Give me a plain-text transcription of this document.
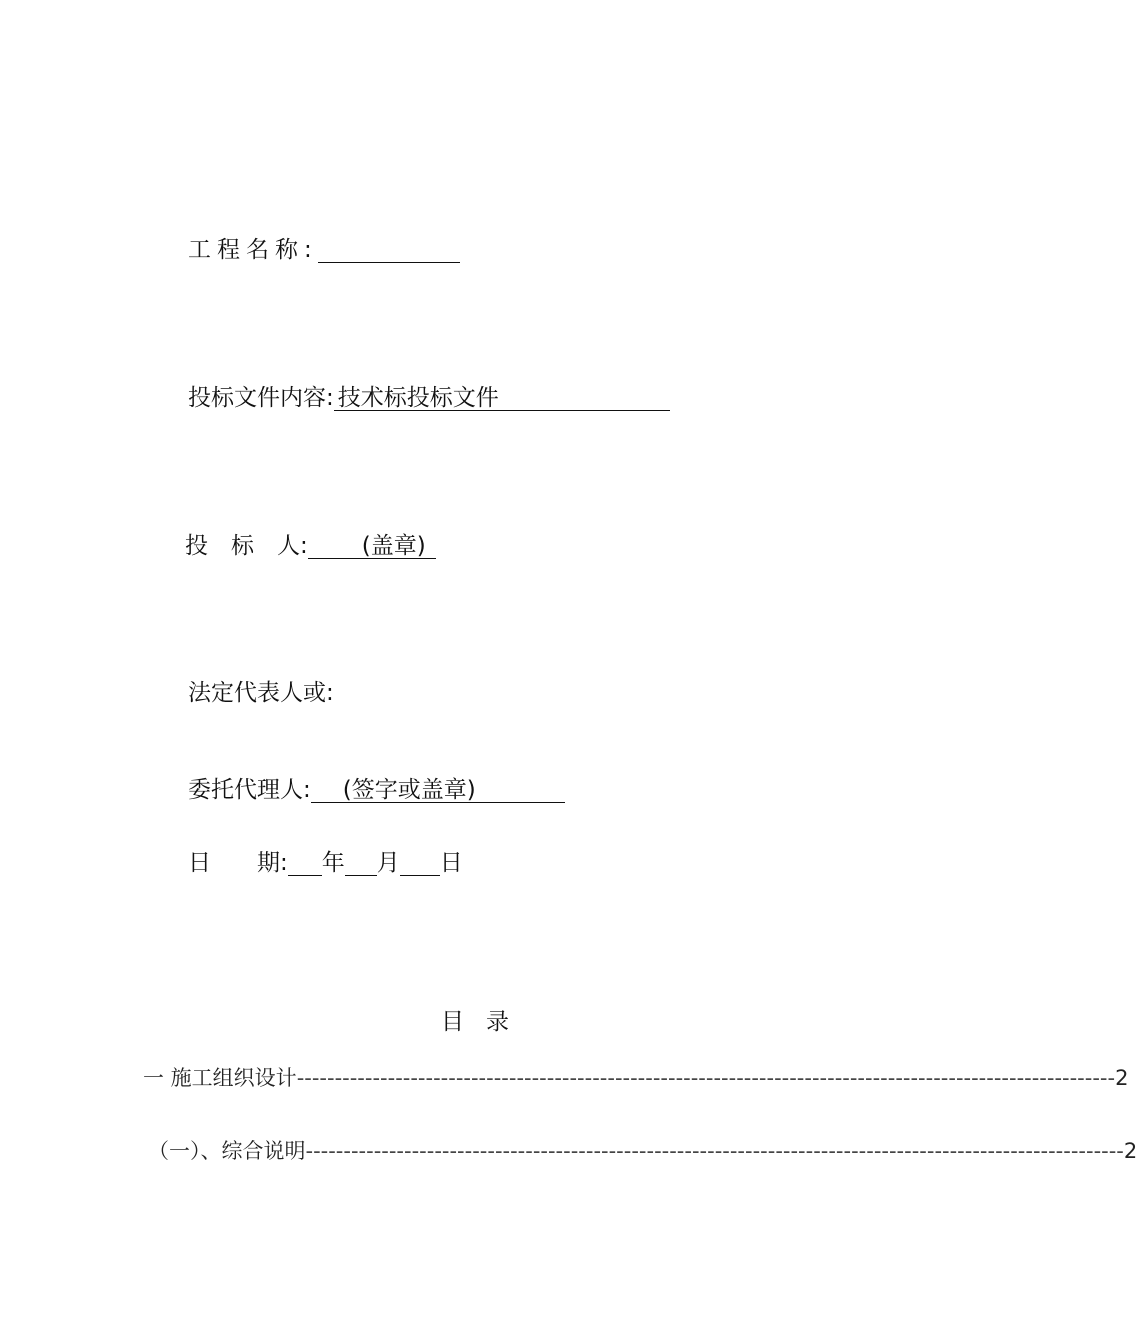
工程名称:
投标文件内容: 技术标投标文件
投　标　人: (盖章)
法定代表人或:
委托代理人: (签字或盖章)
日　　期: 年 月 日
目录
一 施工组织设计 ------------------------------------------------------------------------------------------------------------ 2
（一）、综合说明 ------------------------------------------------------------------------------------------------------------ 2
